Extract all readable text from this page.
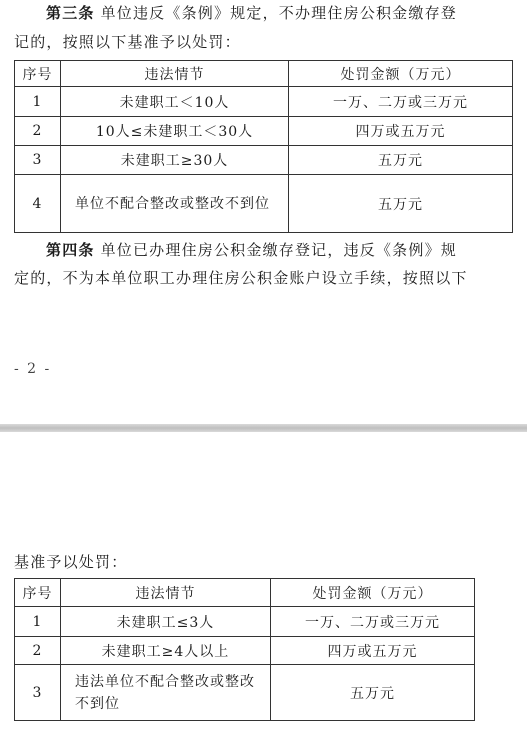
第三条 单位违反《条例》规定，不办理住房公积金缴存登
记的，按照以下基准予以处罚：
序号	违法情节	处罚金额（万元）
1	未建职工＜10人	一万、二万或三万元
2	10人≤未建职工＜30人	四万或五万元
3	未建职工≥30人	五万元
4	单位不配合整改或整改不到位	五万元
第四条 单位已办理住房公积金缴存登记，违反《条例》规
定的，不为本单位职工办理住房公积金账户设立手续，按照以下
- 2 -
基准予以处罚：
序号	违法情节	处罚金额（万元）
1	未建职工≤3人	一万、二万或三万元
2	未建职工≥4人以上	四万或五万元
3	违法单位不配合整改或整改不到位	五万元
